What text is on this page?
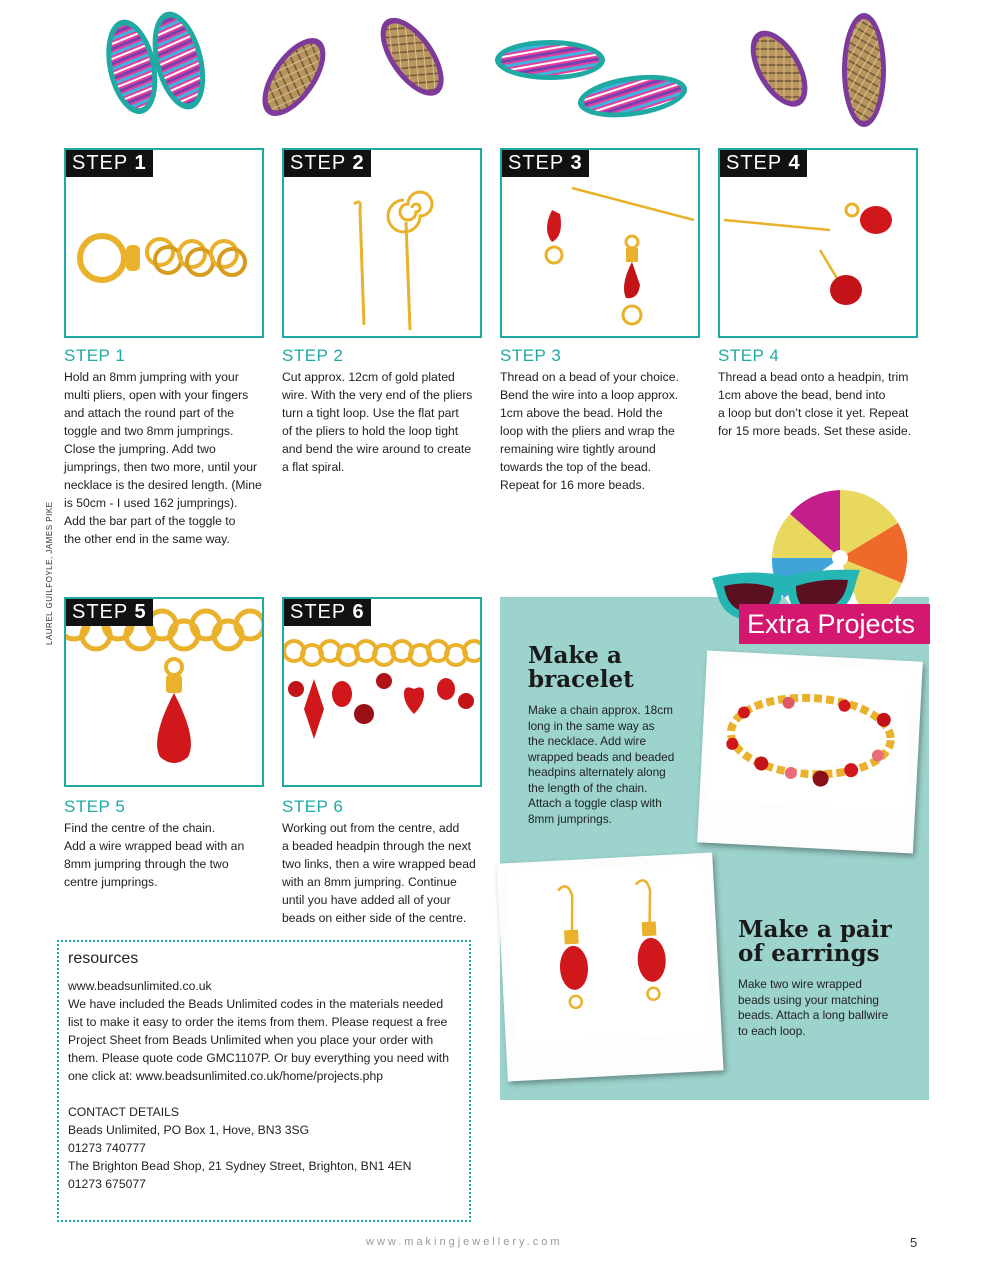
STEP 1
STEP 1
Hold an 8mm jumpring with your
multi pliers, open with your fingers
and attach the round part of the
toggle and two 8mm jumprings.
Close the jumpring. Add two
jumprings, then two more, until your
necklace is the desired length. (Mine
is 50cm - I used 162 jumprings).
Add the bar part of the toggle to
the other end in the same way.
STEP 2
STEP 2
Cut approx. 12cm of gold plated
wire. With the very end of the pliers
turn a tight loop. Use the flat part
of the pliers to hold the loop tight
and bend the wire around to create
a flat spiral.
STEP 3
STEP 3
Thread on a bead of your choice.
Bend the wire into a loop approx.
1cm above the bead. Hold the
loop with the pliers and wrap the
remaining wire tightly around
towards the top of the bead.
Repeat for 16 more beads.
STEP 4
STEP 4
Thread a bead onto a headpin, trim
1cm above the bead, bend into
a loop but don’t close it yet. Repeat
for 15 more beads. Set these aside.
STEP 5
LAUREL GUILFOYLE, JAMES PIKE
STEP 5
Find the centre of the chain.
Add a wire wrapped bead with an
8mm jumpring through the two
centre jumprings.
STEP 6
STEP 6
Working out from the centre, add
a beaded headpin through the next
two links, then a wire wrapped bead
with an 8mm jumpring. Continue
until you have added all of your
beads on either side of the centre.
resources
www.beadsunlimited.co.uk
We have included the Beads Unlimited codes in the materials needed
list to make it easy to order the items from them. Please request a free
Project Sheet from Beads Unlimited when you place your order with
them. Please quote code GMC1107P. Or buy everything you need with
one click at: www.beadsunlimited.co.uk/home/projects.php
CONTACT DETAILS
Beads Unlimited, PO Box 1, Hove, BN3 3SG
01273 740777
The Brighton Bead Shop, 21 Sydney Street, Brighton, BN1 4EN
01273 675077
Extra Projects
Make a
bracelet
Make a chain approx. 18cm
long in the same way as
the necklace. Add wire
wrapped beads and beaded
headpins alternately along
the length of the chain.
Attach a toggle clasp with
8mm jumprings.
Make a pair
of earrings
Make two wire wrapped
beads using your matching
beads. Attach a long ballwire
to each loop.
www.makingjewellery.com	5
